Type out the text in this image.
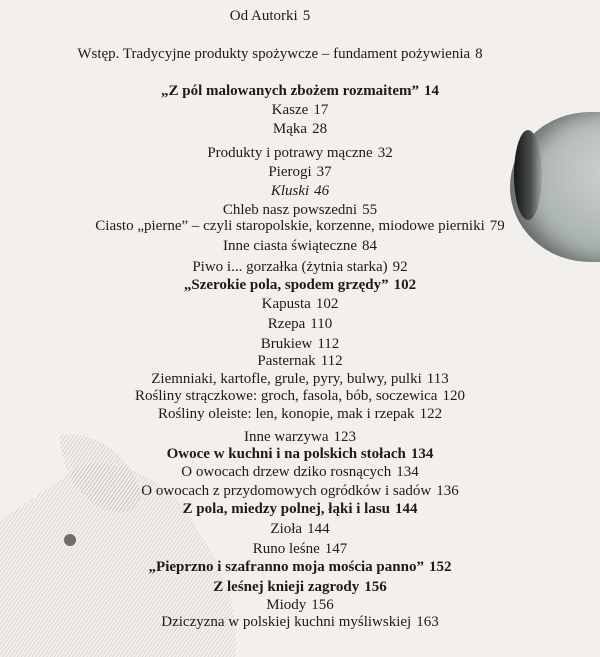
Od Autorki 5
Wstęp. Tradycyjne produkty spożywcze – fundament pożywienia 8
„Z pól malowanych zbożem rozmaitem” 14
Kasze 17
Mąka 28
Produkty i potrawy mączne 32
Pierogi 37
Kluski 46
Chleb nasz powszedni 55
Ciasto „pierne” – czyli staropolskie, korzenne, miodowe pierniki 79
Inne ciasta świąteczne 84
Piwo i... gorzałka (żytnia starka) 92
„Szerokie pola, spodem grzędy” 102
Kapusta 102
Rzepa 110
Brukiew 112
Pasternak 112
Ziemniaki, kartofle, grule, pyry, bulwy, pulki 113
Rośliny strączkowe: groch, fasola, bób, soczewica 120
Rośliny oleiste: len, konopie, mak i rzepak 122
Inne warzywa 123
Owoce w kuchni i na polskich stołach 134
O owocach drzew dziko rosnących 134
O owocach z przydomowych ogródków i sadów 136
Z pola, miedzy polnej, łąki i lasu 144
Zioła 144
Runo leśne 147
„Pieprzno i szafranno moja mościa panno” 152
Z leśnej knieji zagrody 156
Miody 156
Dziczyzna w polskiej kuchni myśliwskiej 163
